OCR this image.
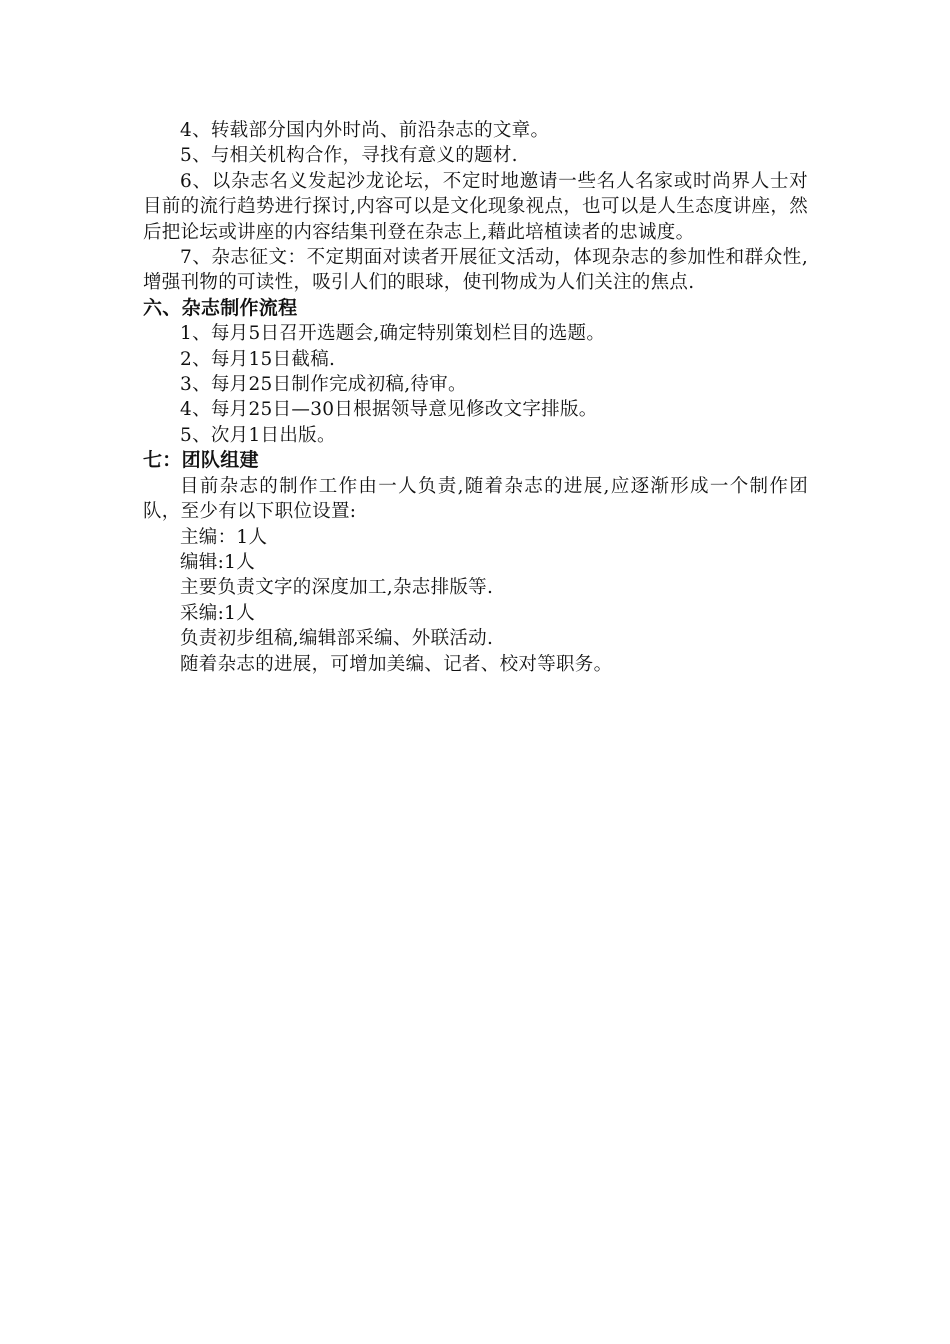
4、转载部分国内外时尚、前沿杂志的文章。

5、与相关机构合作，寻找有意义的题材.

6、以杂志名义发起沙龙论坛，不定时地邀请一些名人名家或时尚界人士对目前的流行趋势进行探讨,内容可以是文化现象视点，也可以是人生态度讲座，然后把论坛或讲座的内容结集刊登在杂志上,藉此培植读者的忠诚度。

7、杂志征文：不定期面对读者开展征文活动，体现杂志的参加性和群众性,增强刊物的可读性，吸引人们的眼球，使刊物成为人们关注的焦点.

六、杂志制作流程

1、每月5日召开选题会,确定特别策划栏目的选题。

2、每月15日截稿.

3、每月25日制作完成初稿,待审。

4、每月25日—30日根据领导意见修改文字排版。

5、次月1日出版。

七：团队组建

目前杂志的制作工作由一人负责,随着杂志的进展,应逐渐形成一个制作团队，至少有以下职位设置:

主编：1人

编辑:1人

主要负责文字的深度加工,杂志排版等.

采编:1人

负责初步组稿,编辑部采编、外联活动.

随着杂志的进展，可增加美编、记者、校对等职务。
